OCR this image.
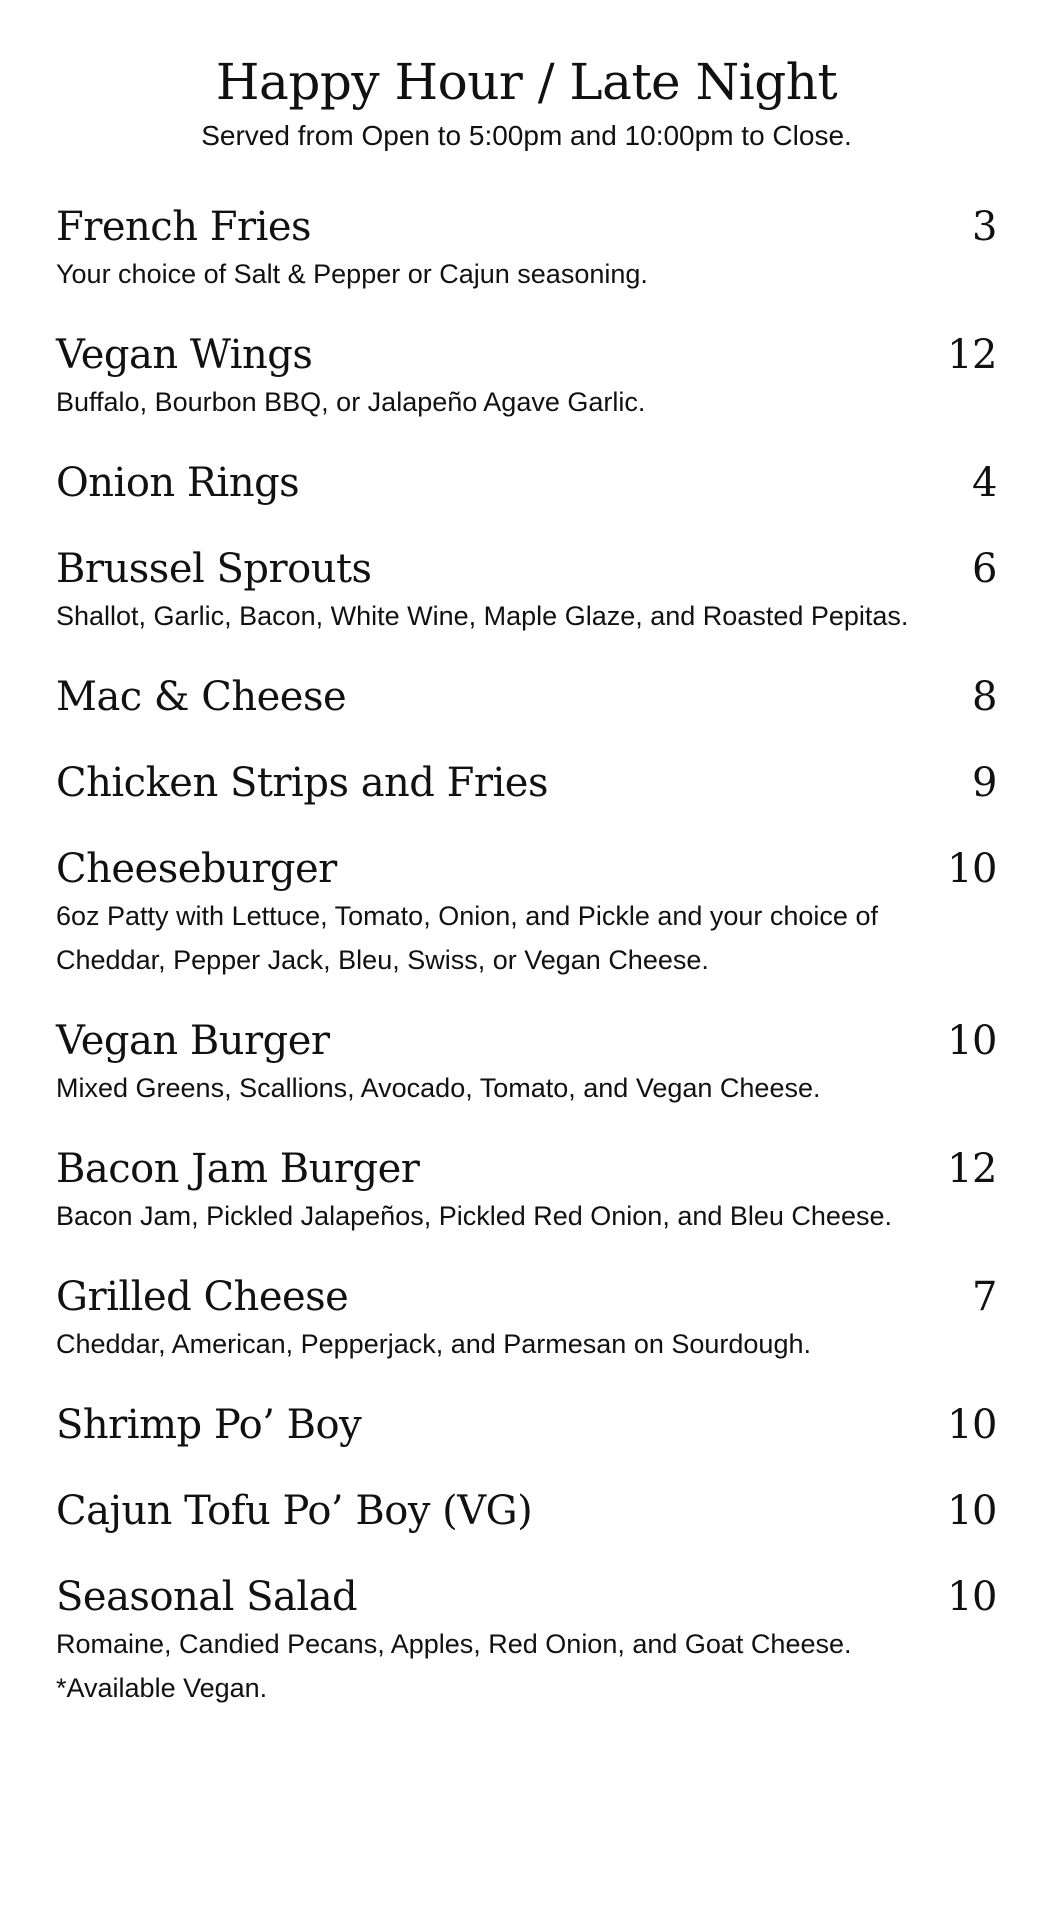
Happy Hour / Late Night

Served from Open to 5:00pm and 10:00pm to Close.

French Fries	3
Your choice of Salt & Pepper or Cajun seasoning.
Vegan Wings	12
Buffalo, Bourbon BBQ, or Jalapeño Agave Garlic.
Onion Rings	4
Brussel Sprouts	6
Shallot, Garlic, Bacon, White Wine, Maple Glaze, and Roasted Pepitas.
Mac & Cheese	8
Chicken Strips and Fries	9
Cheeseburger	10
6oz Patty with Lettuce, Tomato, Onion, and Pickle and your choice of
Cheddar, Pepper Jack, Bleu, Swiss, or Vegan Cheese.
Vegan Burger	10
Mixed Greens, Scallions, Avocado, Tomato, and Vegan Cheese.
Bacon Jam Burger	12
Bacon Jam, Pickled Jalapeños, Pickled Red Onion, and Bleu Cheese.
Grilled Cheese	7
Cheddar, American, Pepperjack, and Parmesan on Sourdough.
Shrimp Po’ Boy	10
Cajun Tofu Po’ Boy (VG)	10
Seasonal Salad	10
Romaine, Candied Pecans, Apples, Red Onion, and Goat Cheese.
*Available Vegan.
